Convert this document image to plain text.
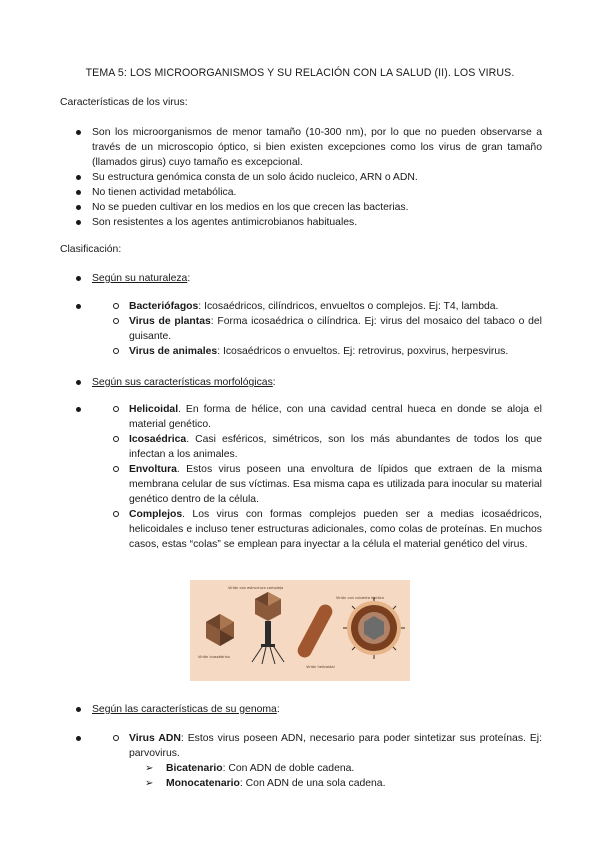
TEMA 5: LOS MICROORGANISMOS Y SU RELACIÓN CON LA SALUD (II). LOS VIRUS.
Características de los virus:
Son los microorganismos de menor tamaño (10-300 nm), por lo que no pueden observarse a través de un microscopio óptico, si bien existen excepciones como los virus de gran tamaño (llamados girus) cuyo tamaño es excepcional.
Su estructura genómica consta de un solo ácido nucleico, ARN o ADN.
No tienen actividad metabólica.
No se pueden cultivar en los medios en los que crecen las bacterias.
Son resistentes a los agentes antimicrobianos habituales.
Clasificación:
Según su naturaleza:
Bacteriófagos: Icosaédricos, cilíndricos, envueltos o complejos. Ej: T4, lambda.
Virus de plantas: Forma icosaédrica o cilíndrica. Ej: virus del mosaico del tabaco o del guisante.
Virus de animales: Icosaédricos o envueltos. Ej: retrovirus, poxvirus, herpesvirus.
Según sus características morfológicas:
Helicoidal. En forma de hélice, con una cavidad central hueca en donde se aloja el material genético.
Icosaédrica. Casi esféricos, simétricos, son los más abundantes de todos los que infectan a los animales.
Envoltura. Estos virus poseen una envoltura de lípidos que extraen de la misma membrana celular de sus víctimas. Esa misma capa es utilizada para inocular su material genético dentro de la célula.
Complejos. Los virus con formas complejos pueden ser a medias icosaédricos, helicoidales e incluso tener estructuras adicionales, como colas de proteínas. En muchos casos, estas “colas” se emplean para inyectar a la célula el material genético del virus.
Virión con estructura compleja
Virión con cubierta lipídica
Virión icosaédrico
Virión helicoidal
Según las características de su genoma:
Virus ADN: Estos virus poseen ADN, necesario para poder sintetizar sus proteínas. Ej: parvovirus.
➢ Bicatenario: Con ADN de doble cadena.
➢ Monocatenario: Con ADN de una sola cadena.
